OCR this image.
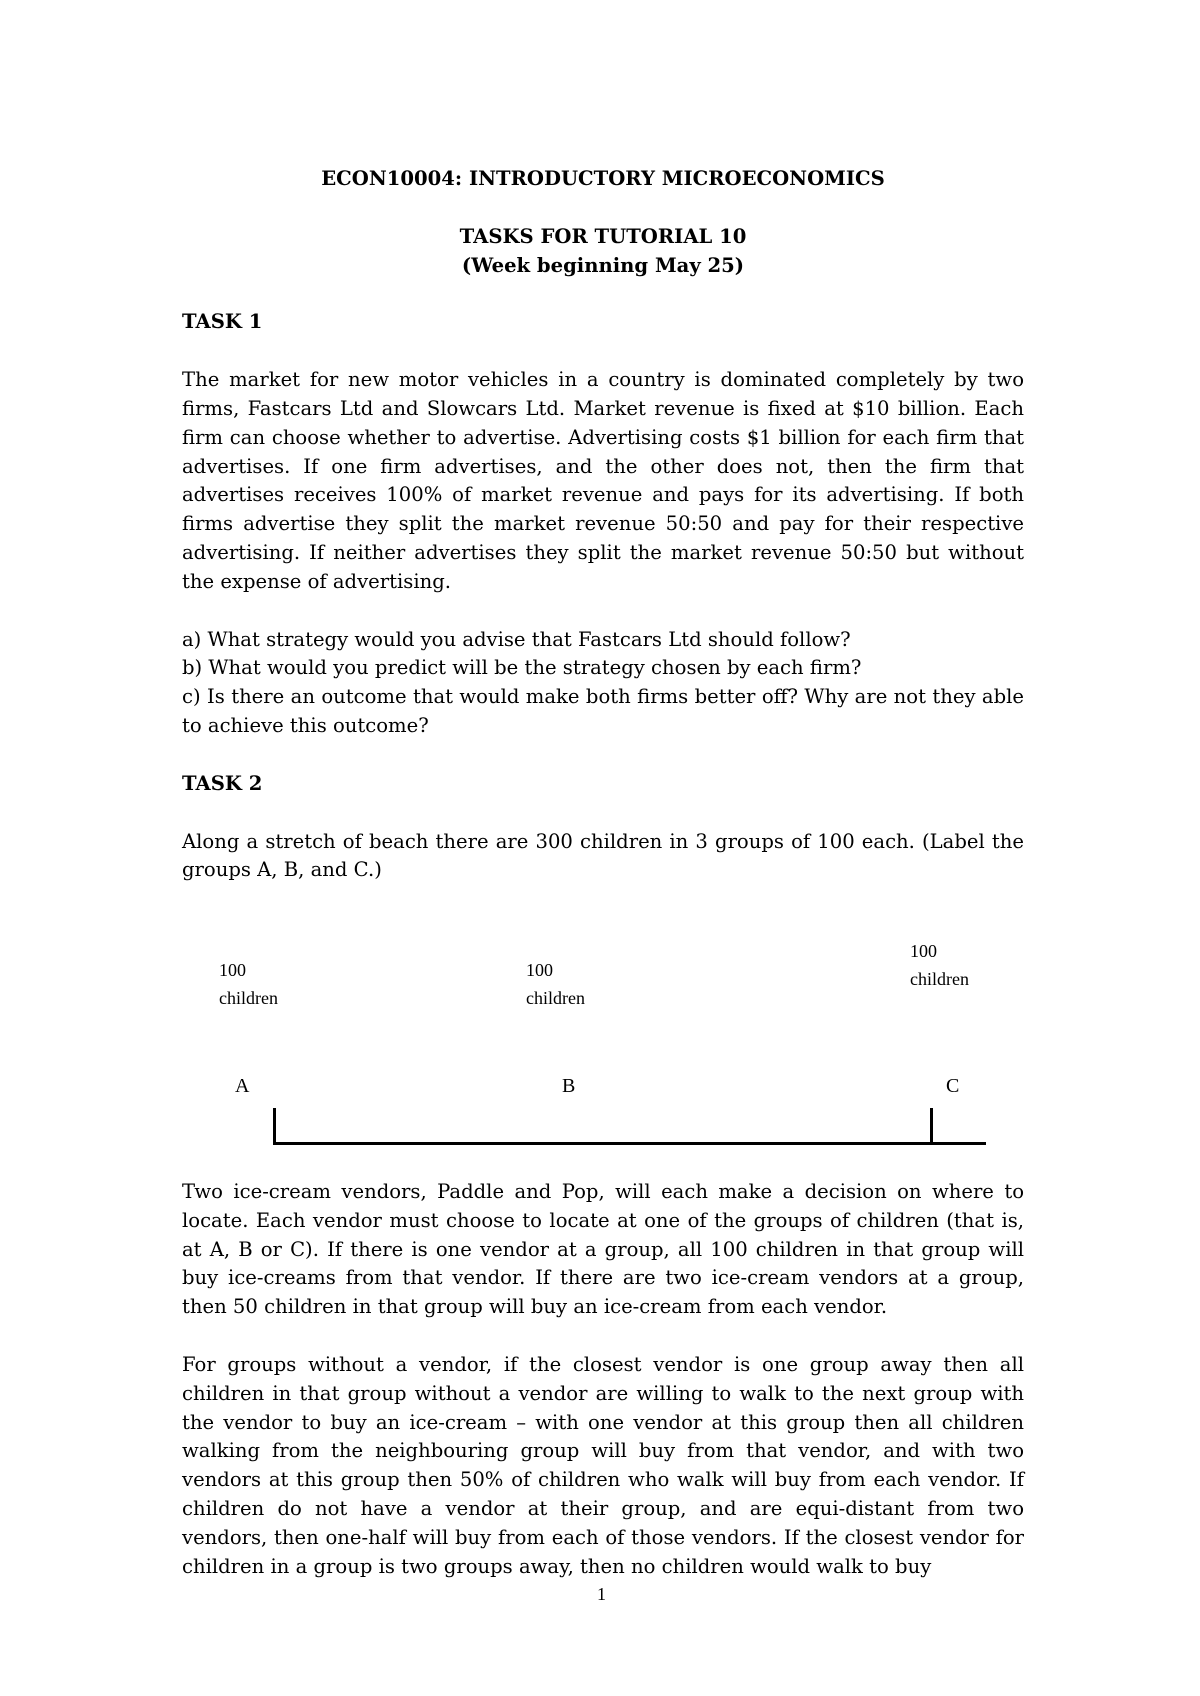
ECON10004: INTRODUCTORY MICROECONOMICS

TASKS FOR TUTORIAL 10

(Week beginning May 25)

TASK 1

The market for new motor vehicles in a country is dominated completely by two firms, Fastcars Ltd and Slowcars Ltd. Market revenue is fixed at $10 billion. Each firm can choose whether to advertise. Advertising costs $1 billion for each firm that advertises. If one firm advertises, and the other does not, then the firm that advertises receives 100% of market revenue and pays for its advertising. If both firms advertise they split the market revenue 50:50 and pay for their respective advertising. If neither advertises they split the market revenue 50:50 but without the expense of advertising.

a) What strategy would you advise that Fastcars Ltd should follow?
b) What would you predict will be the strategy chosen by each firm?
c) Is there an outcome that would make both firms better off? Why are not they able to achieve this outcome?

TASK 2

Along a stretch of beach there are 300 children in 3 groups of 100 each. (Label the groups A, B, and C.)

100
children
100
children
100
children
A	B	C

Two ice-cream vendors, Paddle and Pop, will each make a decision on where to locate. Each vendor must choose to locate at one of the groups of children (that is, at A, B or C). If there is one vendor at a group, all 100 children in that group will buy ice-creams from that vendor. If there are two ice-cream vendors at a group, then 50 children in that group will buy an ice-cream from each vendor.

For groups without a vendor, if the closest vendor is one group away then all children in that group without a vendor are willing to walk to the next group with the vendor to buy an ice-cream – with one vendor at this group then all children walking from the neighbouring group will buy from that vendor, and with two vendors at this group then 50% of children who walk will buy from each vendor. If children do not have a vendor at their group, and are equi-distant from two vendors, then one-half will buy from each of those vendors. If the closest vendor for children in a group is two groups away, then no children would walk to buy

1
